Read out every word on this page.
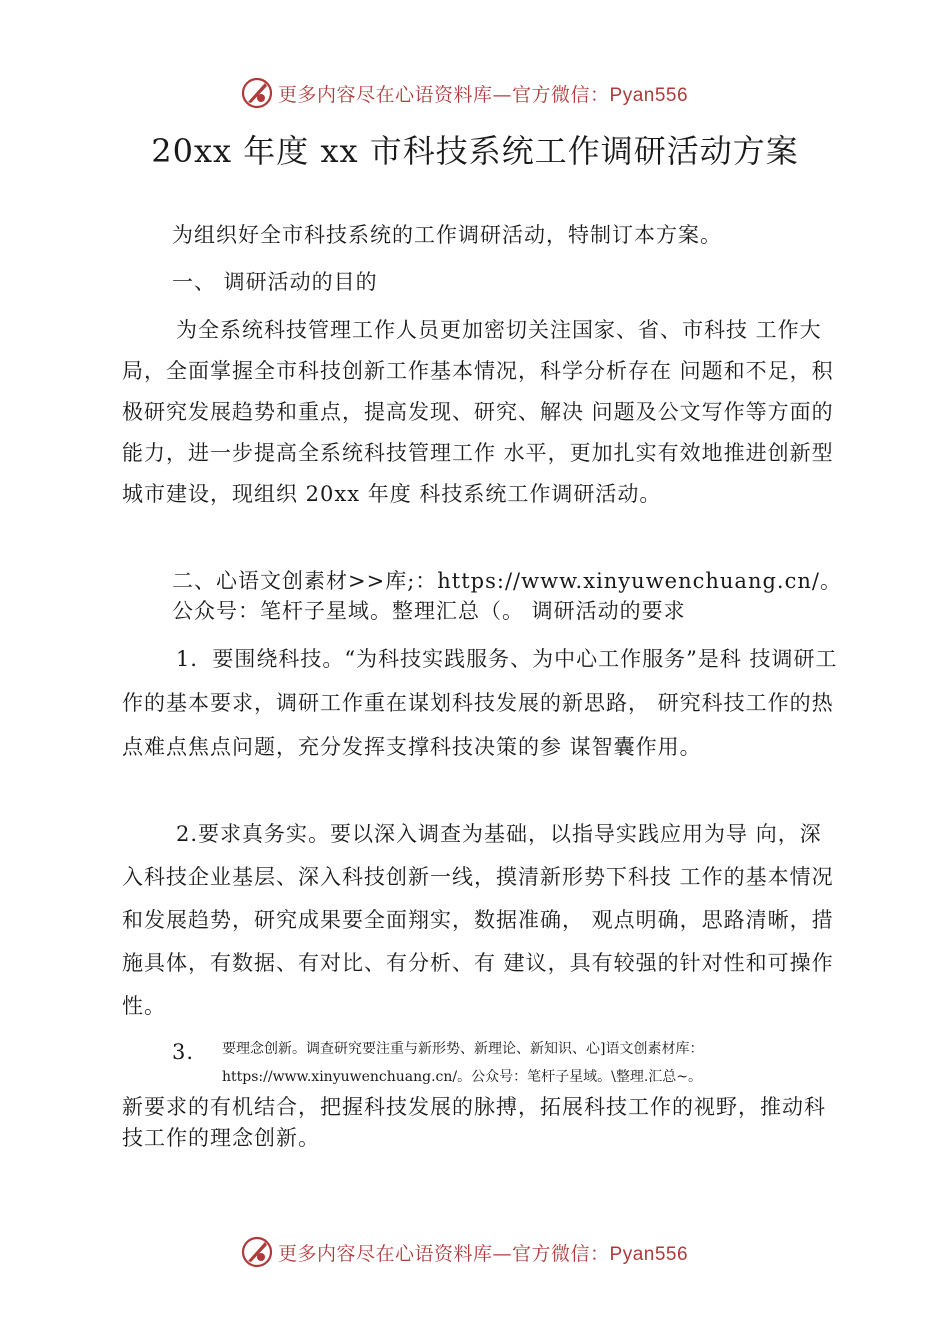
更多内容尽在心语资料库—官方微信：Pyan556
20xx 年度 xx 市科技系统工作调研活动方案

为组织好全市科技系统的工作调研活动，特制订本方案。

一、 调研活动的目的

为全系统科技管理工作人员更加密切关注国家、省、市科技 工作大局，全面掌握全市科技创新工作基本情况，科学分析存在 问题和不足，积极研究发展趋势和重点，提高发现、研究、解决 问题及公文写作等方面的能力，进一步提高全系统科技管理工作 水平，更加扎实有效地推进创新型城市建设，现组织 20xx 年度 科技系统工作调研活动。

二、心语文创素材>>库;：https://www.xinyuwenchuang.cn/。公众号：笔杆子星域。整理汇总（。 调研活动的要求

1．要围绕科技。“为科技实践服务、为中心工作服务”是科 技调研工作的基本要求，调研工作重在谋划科技发展的新思路， 研究科技工作的热点难点焦点问题，充分发挥支撑科技决策的参 谋智囊作用。

2.要求真务实。要以深入调查为基础，以指导实践应用为导 向，深入科技企业基层、深入科技创新一线，摸清新形势下科技 工作的基本情况和发展趋势，研究成果要全面翔实，数据准确， 观点明确，思路清晰，措施具体，有数据、有对比、有分析、有 建议，具有较强的针对性和可操作性。

3. 要理念创新。调查研究要注重与新形势、新理论、新知识、心]语文创素材库：

https://www.xinyuwenchuang.cn/。公众号：笔杆子星域。\整理.汇总~。

新要求的有机结合，把握科技发展的脉搏，拓展科技工作的视野，推动科技工作的理念创新。

更多内容尽在心语资料库—官方微信：Pyan556
